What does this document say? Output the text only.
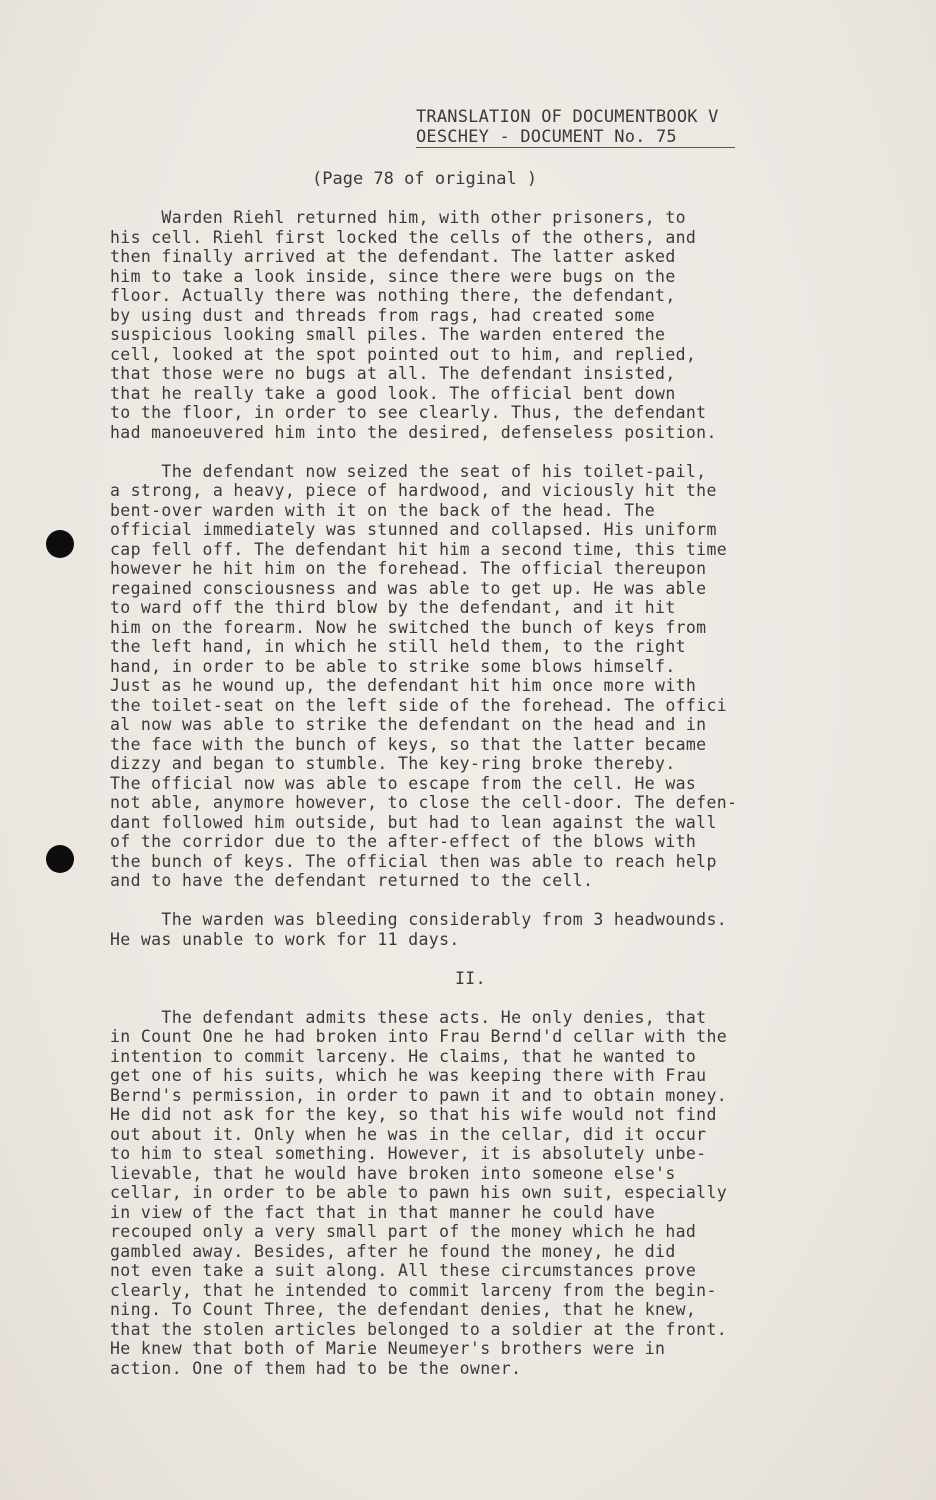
TRANSLATION OF DOCUMENTBOOK V
OESCHEY - DOCUMENT No. 75
(Page 78 of original )
Warden Riehl returned him, with other prisoners, to
his cell. Riehl first locked the cells of the others, and
then finally arrived at the defendant. The latter asked
him to take a look inside, since there were bugs on the
floor. Actually there was nothing there, the defendant,
by using dust and threads from rags, had created some
suspicious looking small piles. The warden entered the
cell, looked at the spot pointed out to him, and replied,
that those were no bugs at all. The defendant insisted,
that he really take a good look. The official bent down
to the floor, in order to see clearly. Thus, the defendant
had manoeuvered him into the desired, defenseless position.
The defendant now seized the seat of his toilet-pail,
a strong, a heavy, piece of hardwood, and viciously hit the
bent-over warden with it on the back of the head. The
official immediately was stunned and collapsed. His uniform
cap fell off. The defendant hit him a second time, this time
however he hit him on the forehead. The official thereupon
regained consciousness and was able to get up. He was able
to ward off the third blow by the defendant, and it hit
him on the forearm. Now he switched the bunch of keys from
the left hand, in which he still held them, to the right
hand, in order to be able to strike some blows himself.
Just as he wound up, the defendant hit him once more with
the toilet-seat on the left side of the forehead. The offici
al now was able to strike the defendant on the head and in
the face with the bunch of keys, so that the latter became
dizzy and began to stumble. The key-ring broke thereby.
The official now was able to escape from the cell. He was
not able, anymore however, to close the cell-door. The defen-
dant followed him outside, but had to lean against the wall
of the corridor due to the after-effect of the blows with
the bunch of keys. The official then was able to reach help
and to have the defendant returned to the cell.
The warden was bleeding considerably from 3 headwounds.
He was unable to work for 11 days.
II.
The defendant admits these acts. He only denies, that
in Count One he had broken into Frau Bernd'd cellar with the
intention to commit larceny. He claims, that he wanted to
get one of his suits, which he was keeping there with Frau
Bernd's permission, in order to pawn it and to obtain money.
He did not ask for the key, so that his wife would not find
out about it. Only when he was in the cellar, did it occur
to him to steal something. However, it is absolutely unbe-
lievable, that he would have broken into someone else's
cellar, in order to be able to pawn his own suit, especially
in view of the fact that in that manner he could have
recouped only a very small part of the money which he had
gambled away. Besides, after he found the money, he did
not even take a suit along. All these circumstances prove
clearly, that he intended to commit larceny from the begin-
ning. To Count Three, the defendant denies, that he knew,
that the stolen articles belonged to a soldier at the front.
He knew that both of Marie Neumeyer's brothers were in
action. One of them had to be the owner.
